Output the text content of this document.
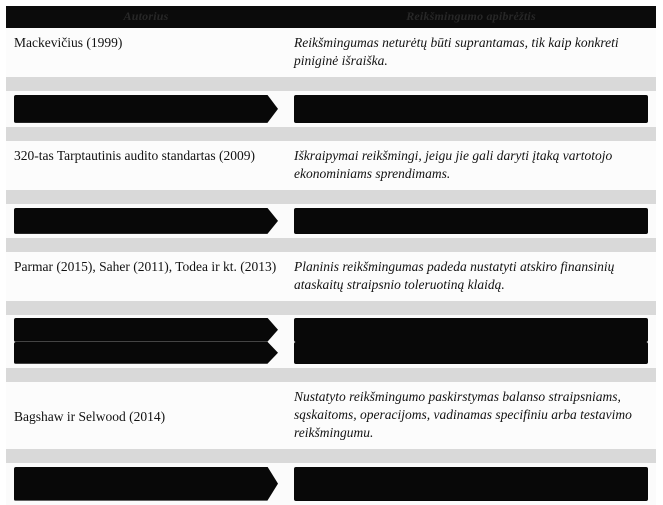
Autorius	Reikšmingumo apibrėžtis
Mackevičius (1999)	Reikšmingumas neturėtų būti suprantamas, tik kaip konkreti piniginė išraiška.

320-tas Tarptautinis audito standartas (2009)	Iškraipymai reikšmingi, jeigu jie gali daryti įtaką vartotojo ekonominiams sprendimams.

Parmar (2015), Saher (2011), Todea ir kt. (2013)	Planinis reikšmingumas padeda nustatyti atskiro finansinių ataskaitų straipsnio toleruotiną klaidą.

Bagshaw ir Selwood (2014)	Nustatyto reikšmingumo paskirstymas balanso straipsniams, sąskaitoms, operacijoms, vadinamas specifiniu arba testavimo reikšmingumu.
